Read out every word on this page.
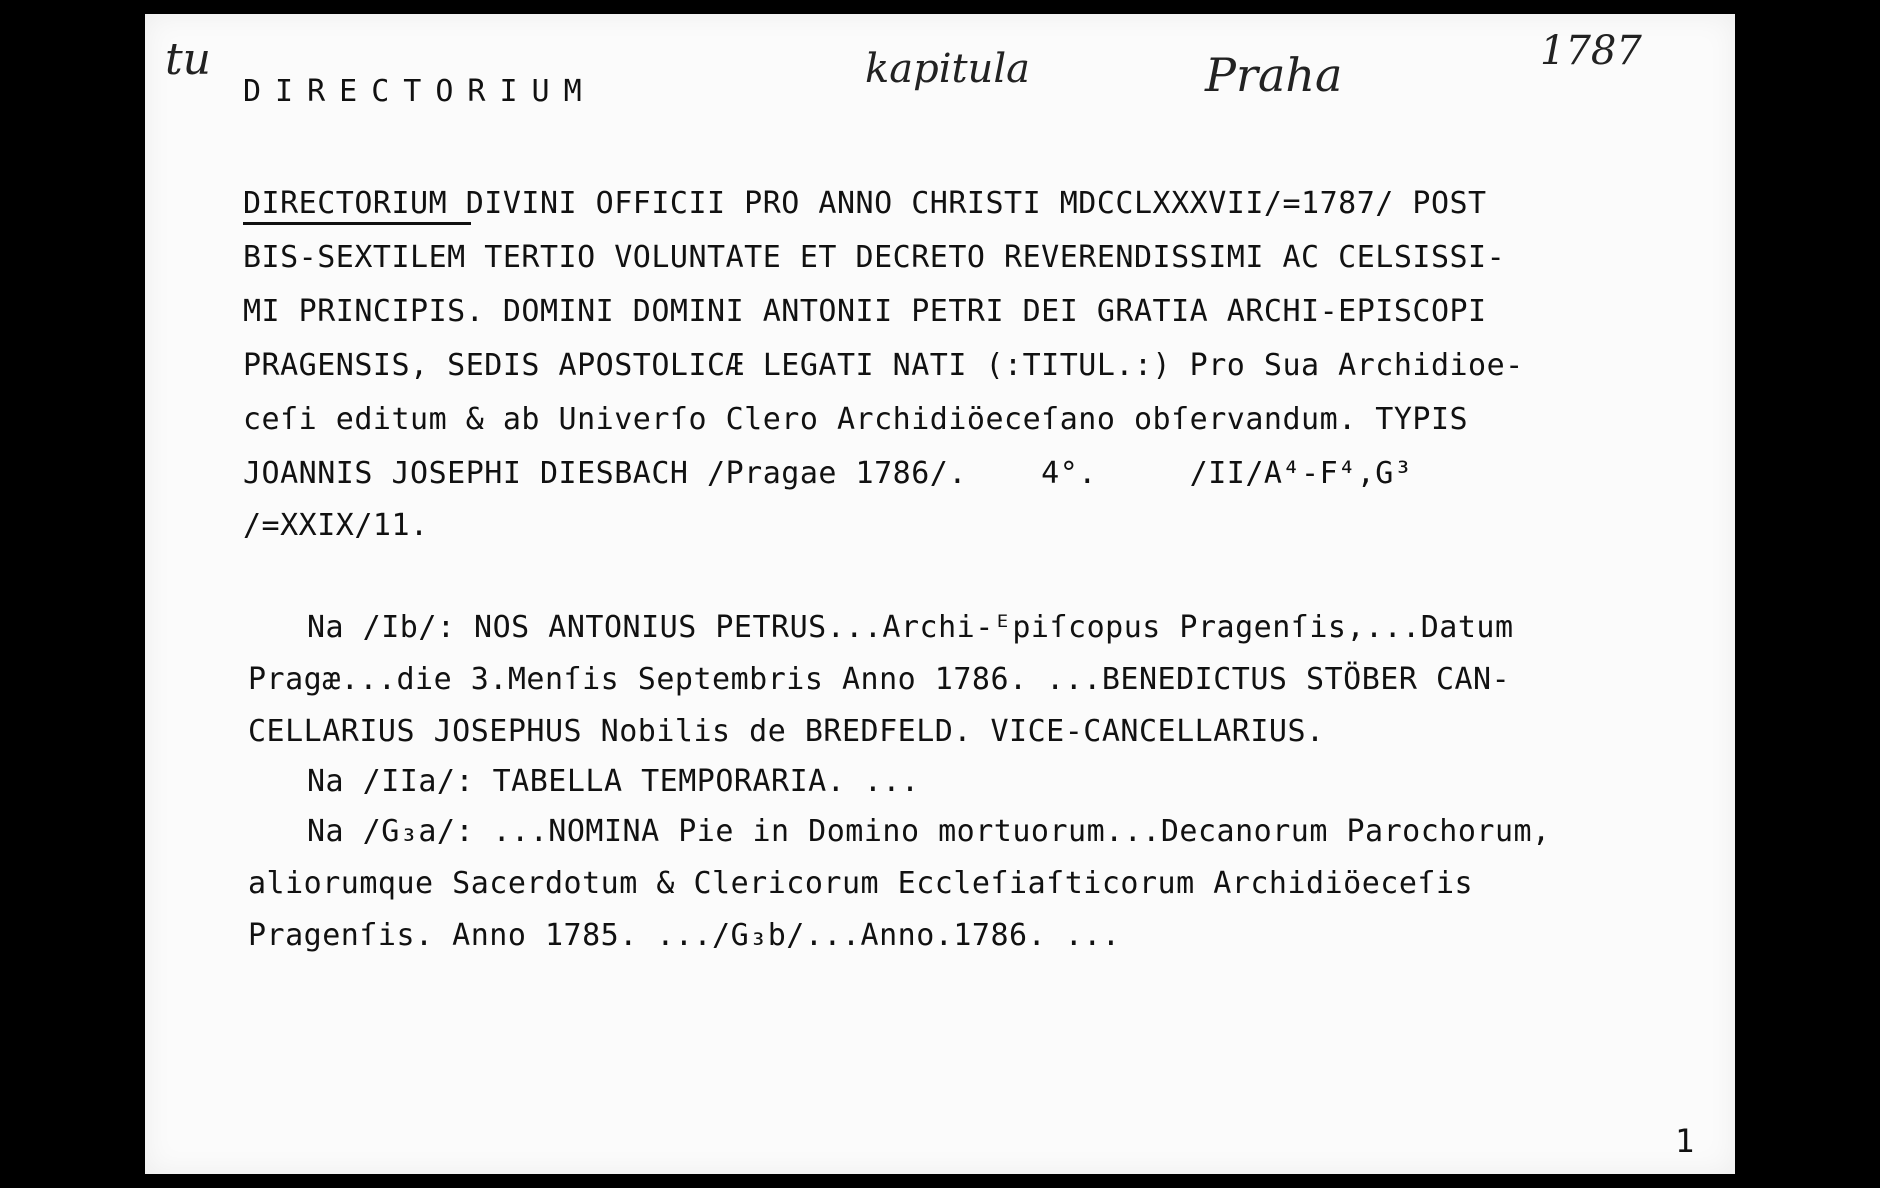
tu
DIRECTORIUM	kapitula	Praha	1787
DIRECTORIUM DIVINI OFFICII PRO ANNO CHRISTI MDCCLXXXVII/=1787/ POST
BIS-SEXTILEM TERTIO VOLUNTATE ET DECRETO REVERENDISSIMI AC CELSISSI-
MI PRINCIPIS. DOMINI DOMINI ANTONII PETRI DEI GRATIA ARCHI-EPISCOPI
PRAGENSIS, SEDIS APOSTOLICÆ LEGATI NATI (:TITUL.:) Pro Sua Archidioe-
ceſi editum & ab Univerſo Clero Archidiöeceſano obſervandum. TYPIS
JOANNIS JOSEPHI DIESBACH /Pragae 1786/.    4°.     /II/A⁴-F⁴,G³
/=XXIX/11.
Na /Ib/: NOS ANTONIUS PETRUS...Archi-ᴱpiſcopus Pragenſis,...Datum
Pragæ...die 3.Menſis Septembris Anno 1786. ...BENEDICTUS STÖBER CAN-
CELLARIUS JOSEPHUS Nobilis de BREDFELD. VICE-CANCELLARIUS.
Na /IIa/: TABELLA TEMPORARIA. ...
Na /G₃a/: ...NOMINA Pie in Domino mortuorum...Decanorum Parochorum,
aliorumque Sacerdotum & Clericorum Eccleſiaſticorum Archidiöeceſis
Pragenſis. Anno 1785. .../G₃b/...Anno.1786. ...
1
